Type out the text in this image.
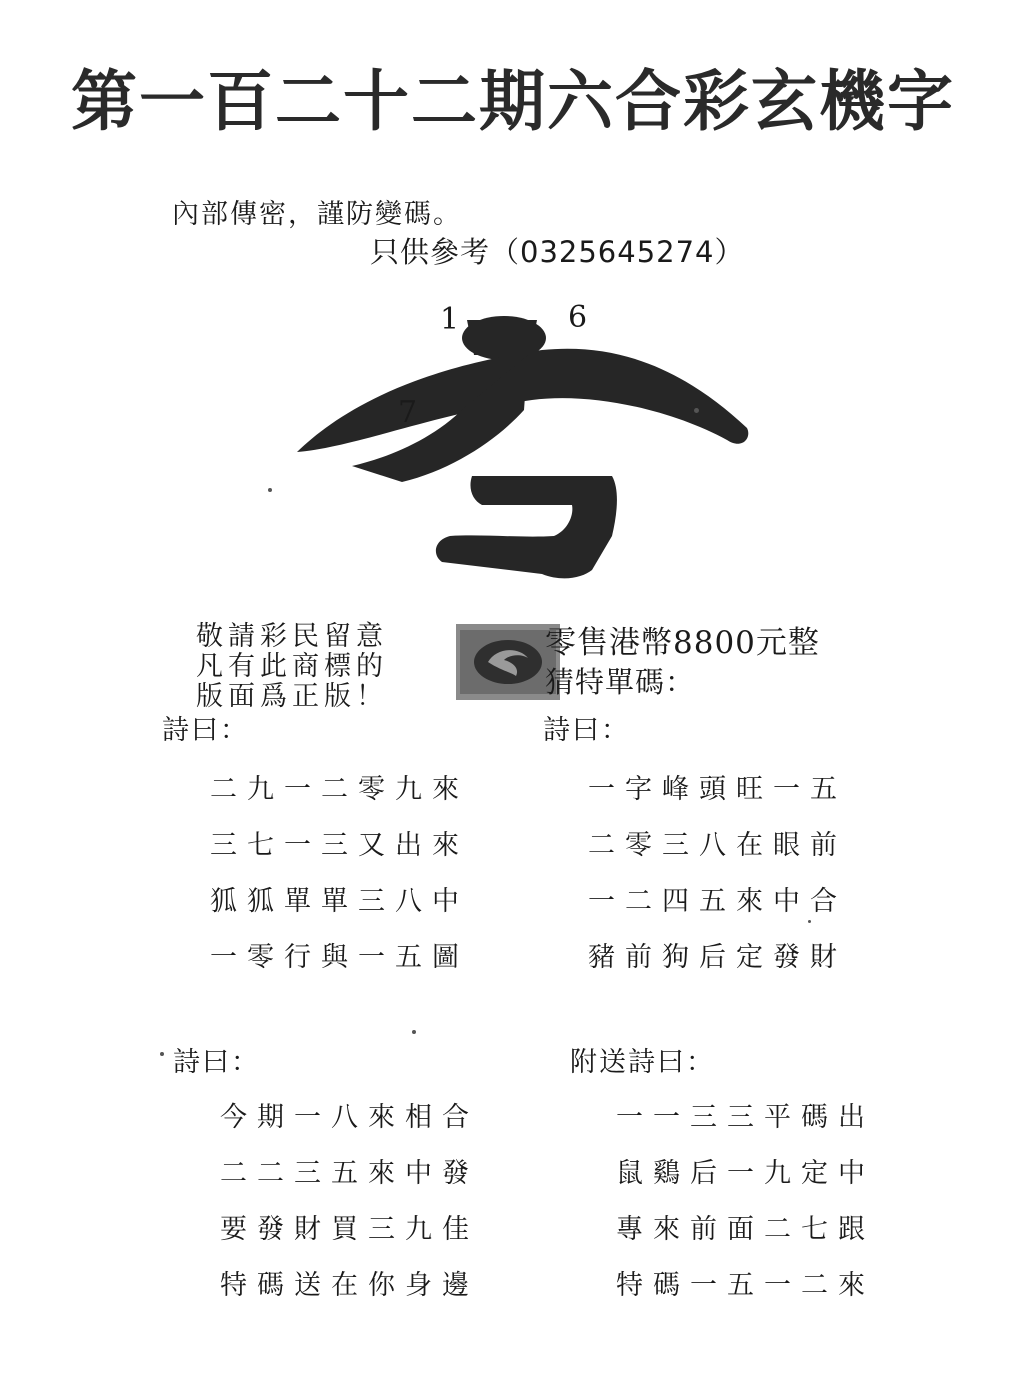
第一百二十二期六合彩玄機字
內部傳密，謹防變碼。
只供參考（0325645274）
1	6
7
敬請彩民留意
凡有此商標的
版面爲正版！
零售港幣8800元整
猜特單碼：
詩曰：	詩曰：
二九一二零九來
三七一三又出來
狐狐單單三八中
一零行與一五圖
一字峰頭旺一五
二零三八在眼前
一二四五來中合
豬前狗后定發財
詩曰：	附送詩曰：
今期一八來相合
二二三五來中發
要發財買三九佳
特碼送在你身邊
一一三三平碼出
鼠鷄后一九定中
專來前面二七跟
特碼一五一二來
